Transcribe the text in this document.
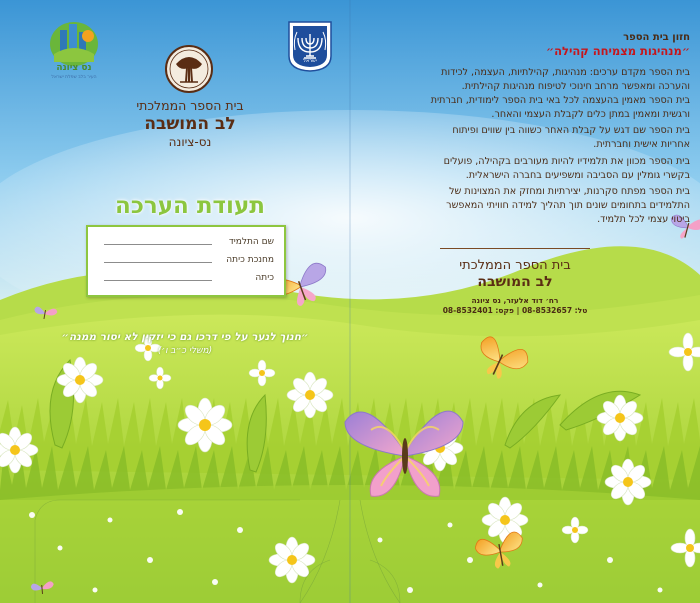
נס ציונה
העיר בלב שפלת ישראל
בית הספר הממלכתי
לב המושבה
נס-ציונה
תעודת הערכה
שם התלמיד
מחנכת כיתה
כיתה
״חנוך לנער על פי דרכו גם כי יזקין לא יסור ממנה״
(משלי כ״ב ו׳)
ישראל
חזון בית הספר
״מנהיגות מצמיחה קהילה״
בית הספר מקדם ערכים: מנהיגות, קהילתיות, העצמה, לכידות
והערכה ומאפשר מרחב חינוכי לטיפוח מנהיגות קהילתית.
בית הספר מאמין בהעצמה לכל באי בית הספר לימודית, חברתית
ורגשית ומאמין במתן כלים לקבלת העצמי והאחר.
בית הספר שם דגש על קבלת האחר כשווה בין שווים ופיתוח
אחריות אישית וחברתית.
בית הספר מכוון את תלמידיו להיות מעורבים בקהילה, פועלים
בקשרי גומלין עם הסביבה ומשפיעים בחברה הישראלית.
בית הספר מפתח סקרנות, יצירתיות ומחזק את המצוינות של
התלמידים בתחומים שונים תוך תהליך למידה חוויתי המאפשר
ביטוי עצמי לכל תלמיד.
בית הספר הממלכתי
לב המושבה
רח׳ דוד אלעזר, נס ציונה
טל: 08-8532657 | פקס: 08-8532401
